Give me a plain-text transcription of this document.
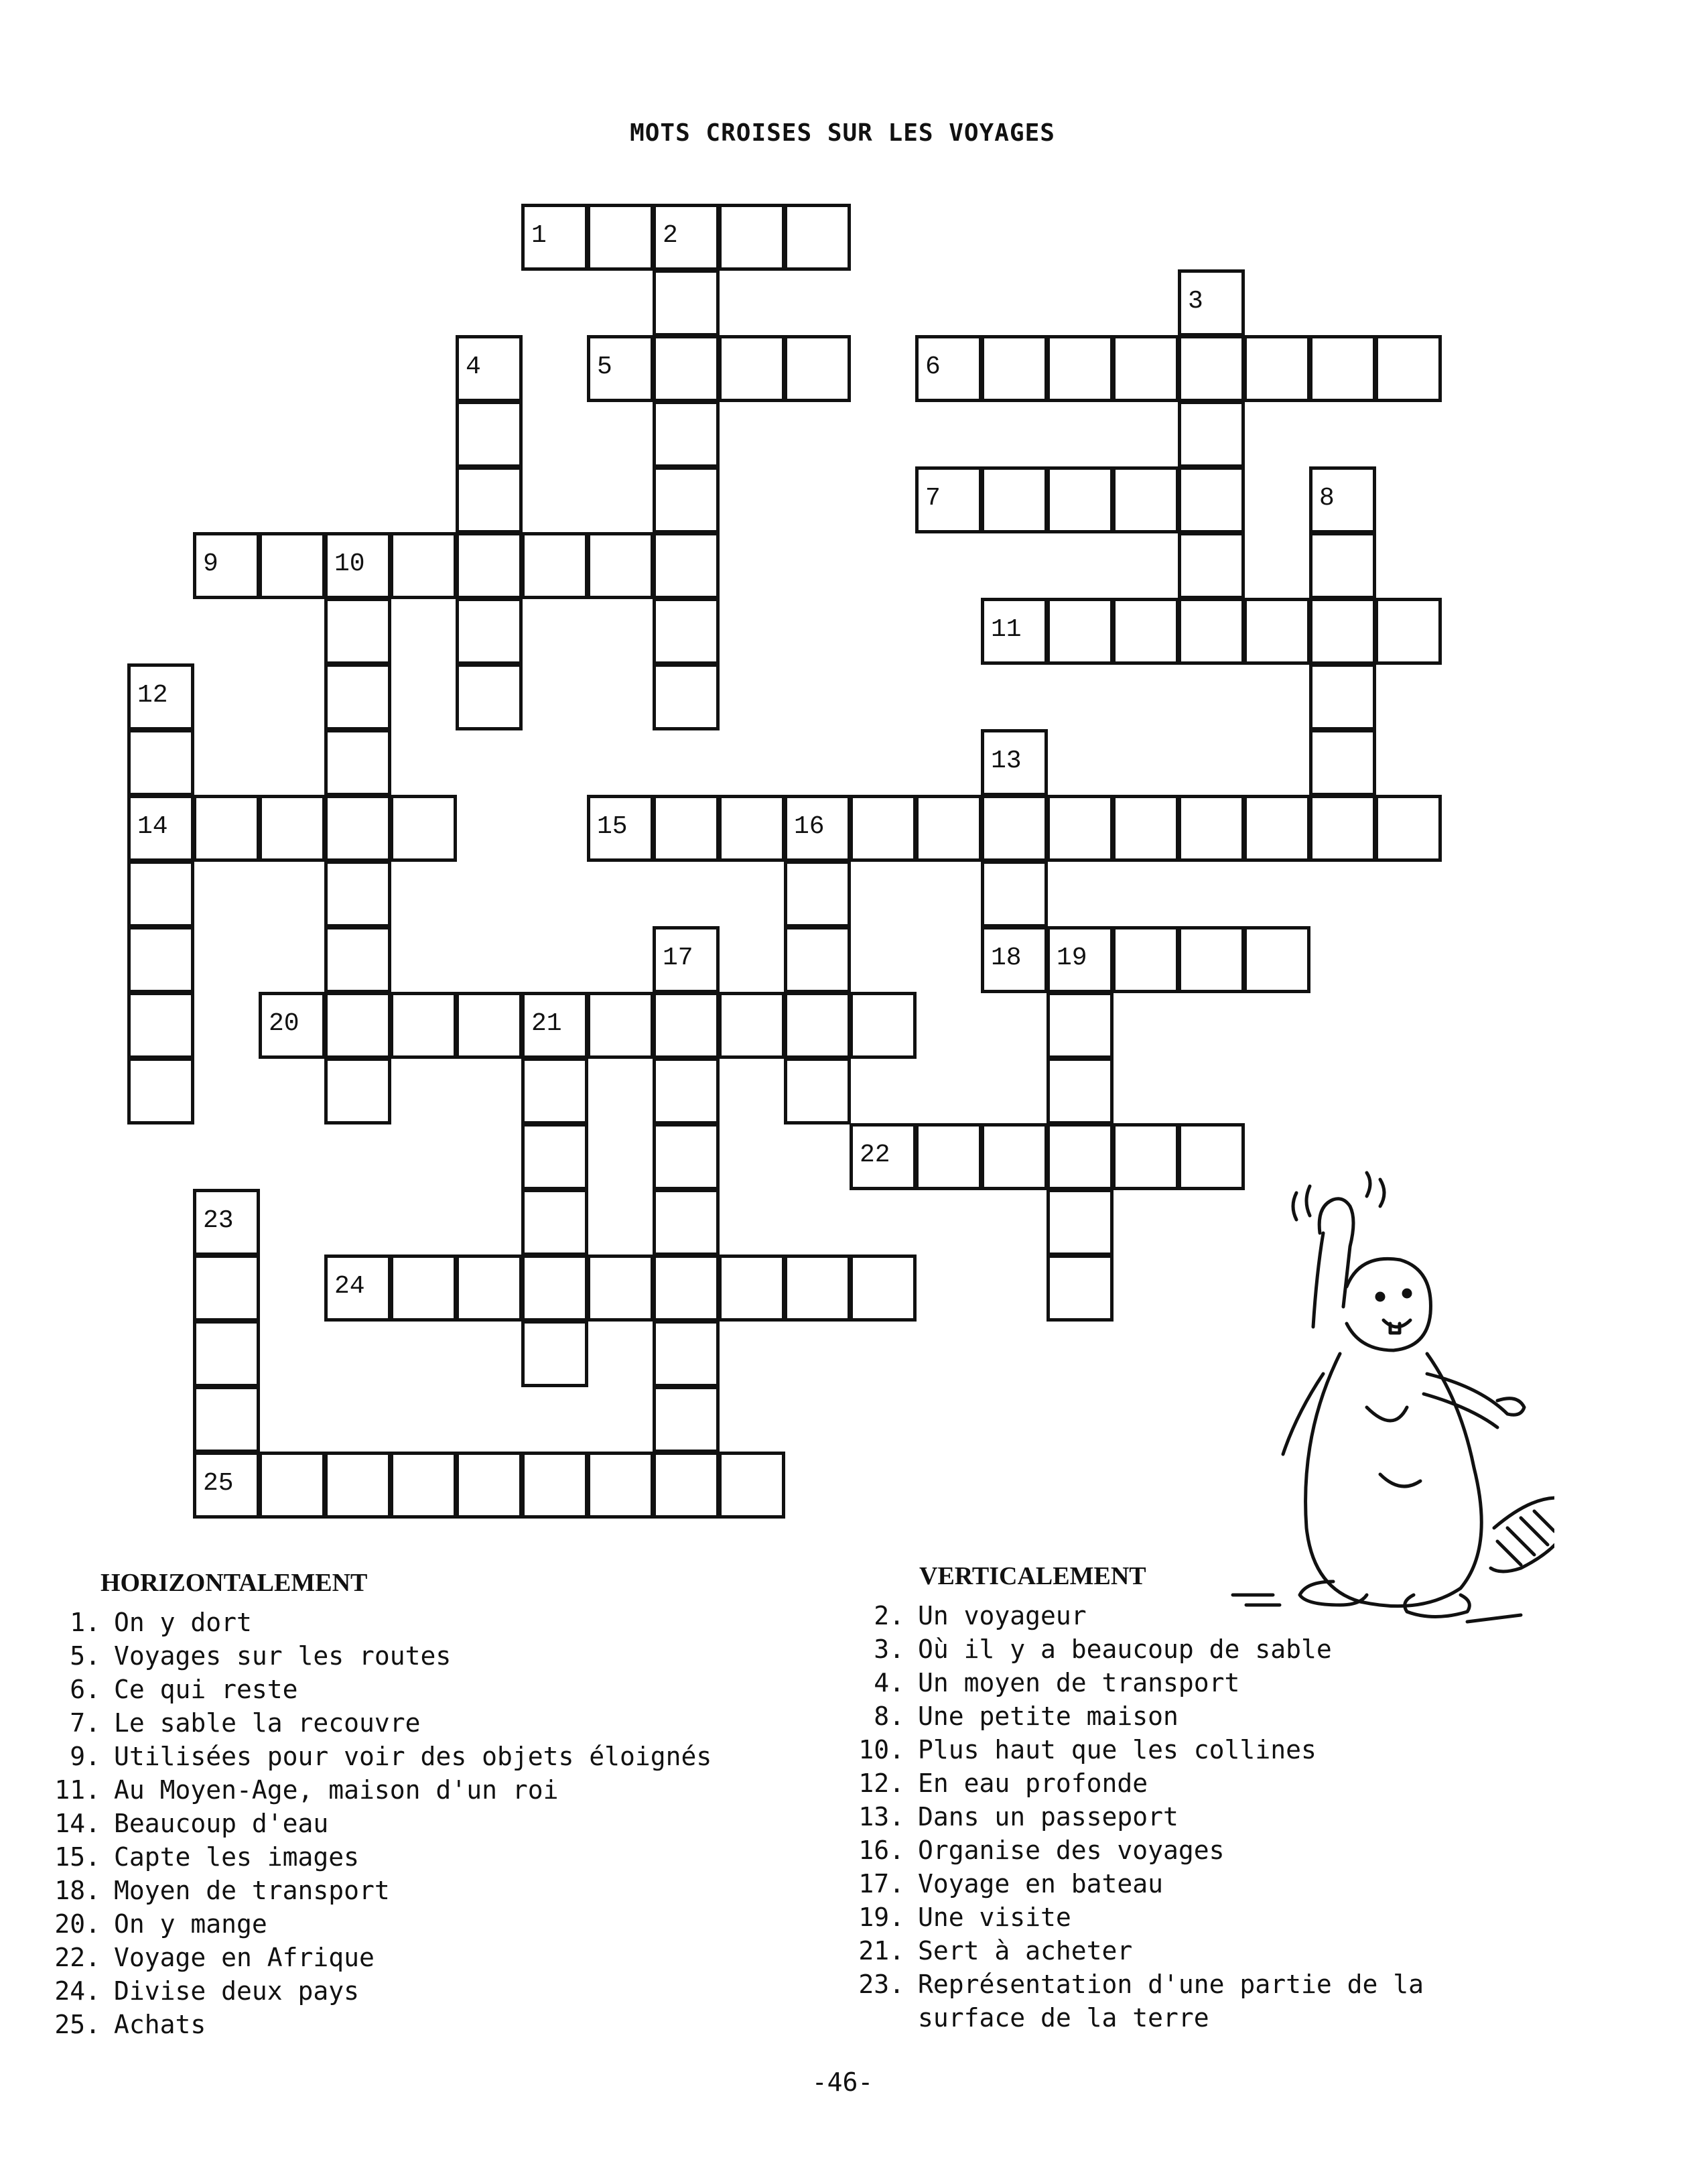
MOTS CROISES SUR LES VOYAGES
1	2
3
4	5	6
7	8
9	10
11
12
14
13
15	16
17	18 19
20	21
22
23
25
24
HORIZONTALEMENT
1. On y dort
5. Voyages sur les routes
6. Ce qui reste
7. Le sable la recouvre
9. Utilisées pour voir des objets éloignés
11. Au Moyen-Age, maison d'un roi
14. Beaucoup d'eau
15. Capte les images
18. Moyen de transport
20. On y mange
22. Voyage en Afrique
24. Divise deux pays
25. Achats
VERTICALEMENT
2. Un voyageur
3. Où il y a beaucoup de sable
4. Un moyen de transport
8. Une petite maison
10. Plus haut que les collines
12. En eau profonde
13. Dans un passeport
16. Organise des voyages
17. Voyage en bateau
19. Une visite
21. Sert à acheter
23. Représentation d'une partie de la
surface de la terre
-46-
